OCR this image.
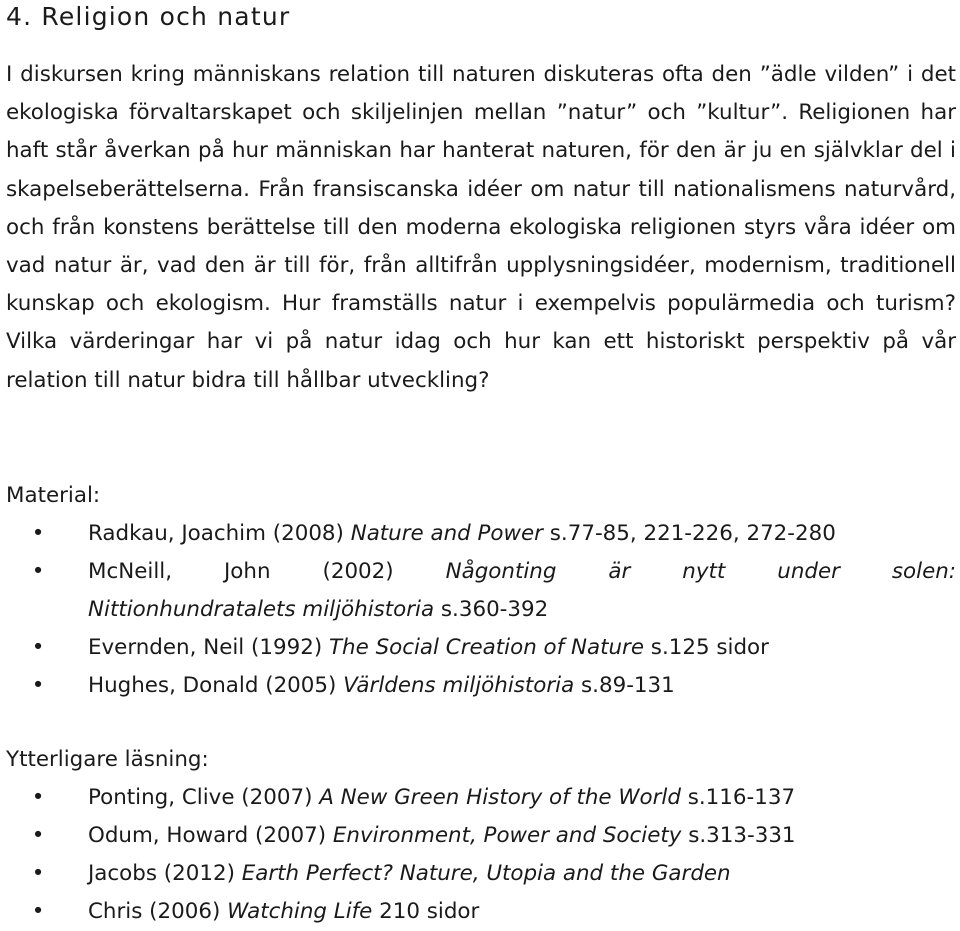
4. Religion och natur

I diskursen kring människans relation till naturen diskuteras ofta den ”ädle vilden” i det ekologiska förvaltarskapet och skiljelinjen mellan ”natur” och ”kultur”. Religionen har haft står åverkan på hur människan har hanterat naturen, för den är ju en självklar del i skapelseberättelserna. Från fransiscanska idéer om natur till nationalismens naturvård, och från konstens berättelse till den moderna ekologiska religionen styrs våra idéer om vad natur är, vad den är till för, från alltifrån upplysningsidéer, modernism, traditionell kunskap och ekologism. Hur framställs natur i exempelvis populärmedia och turism? Vilka värderingar har vi på natur idag och hur kan ett historiskt perspektiv på vår relation till natur bidra till hållbar utveckling?

Material:
• Radkau, Joachim (2008) Nature and Power s.77-85, 221-226, 272-280
• McNeill, John (2002) Någonting är nytt under solen:
Nittionhundratalets miljöhistoria s.360-392
• Evernden, Neil (1992) The Social Creation of Nature s.125 sidor
• Hughes, Donald (2005) Världens miljöhistoria s.89-131
Ytterligare läsning:
• Ponting, Clive (2007) A New Green History of the World s.116-137
• Odum, Howard (2007) Environment, Power and Society s.313-331
• Jacobs (2012) Earth Perfect? Nature, Utopia and the Garden
• Chris (2006) Watching Life 210 sidor
